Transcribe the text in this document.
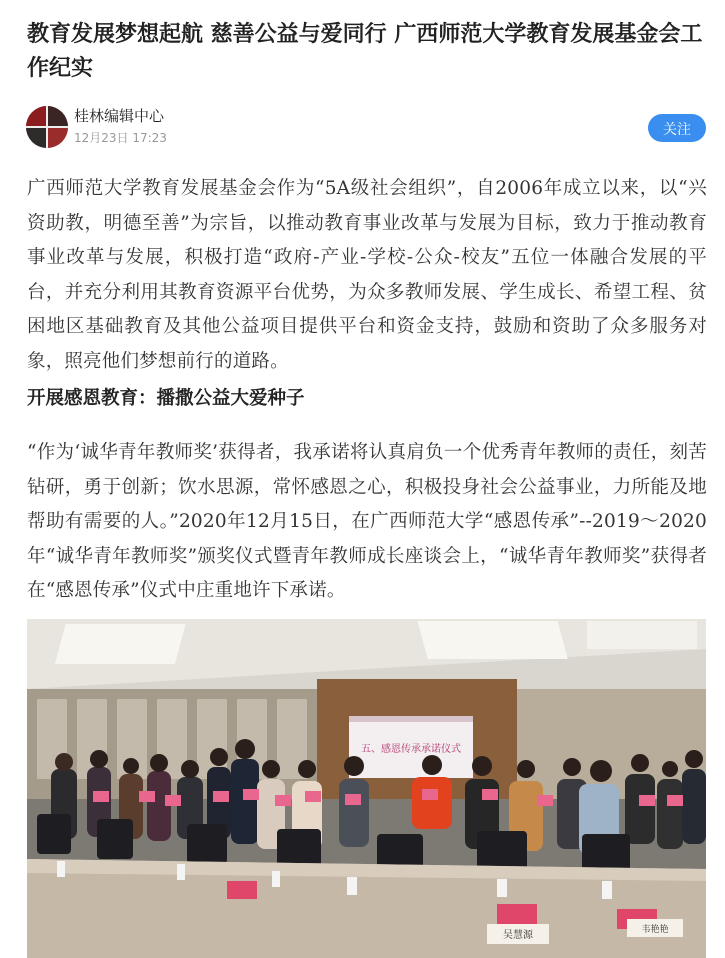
教育发展梦想起航 慈善公益与爱同行 广西师范大学教育发展基金会工作纪实
桂林编辑中心
12月23日 17:23
关注

广西师范大学教育发展基金会作为“5A级社会组织”，自2006年成立以来，以“兴资助教，明德至善”为宗旨，以推动教育事业改革与发展为目标，致力于推动教育事业改革与发展，积极打造“政府-产业-学校-公众-校友”五位一体融合发展的平台，并充分利用其教育资源平台优势，为众多教师发展、学生成长、希望工程、贫困地区基础教育及其他公益项目提供平台和资金支持，鼓励和资助了众多服务对象，照亮他们梦想前行的道路。

开展感恩教育：播撒公益大爱种子

“作为‘诚华青年教师奖’获得者，我承诺将认真肩负一个优秀青年教师的责任，刻苦钻研，勇于创新；饮水思源，常怀感恩之心，积极投身社会公益事业，力所能及地帮助有需要的人。”2020年12月15日，在广西师范大学“感恩传承”--2019～2020年“诚华青年教师奖”颁奖仪式暨青年教师成长座谈会上，“诚华青年教师奖”获得者在“感恩传承”仪式中庄重地许下承诺。

五、感恩传承承诺仪式
吴慧源	韦艳艳
